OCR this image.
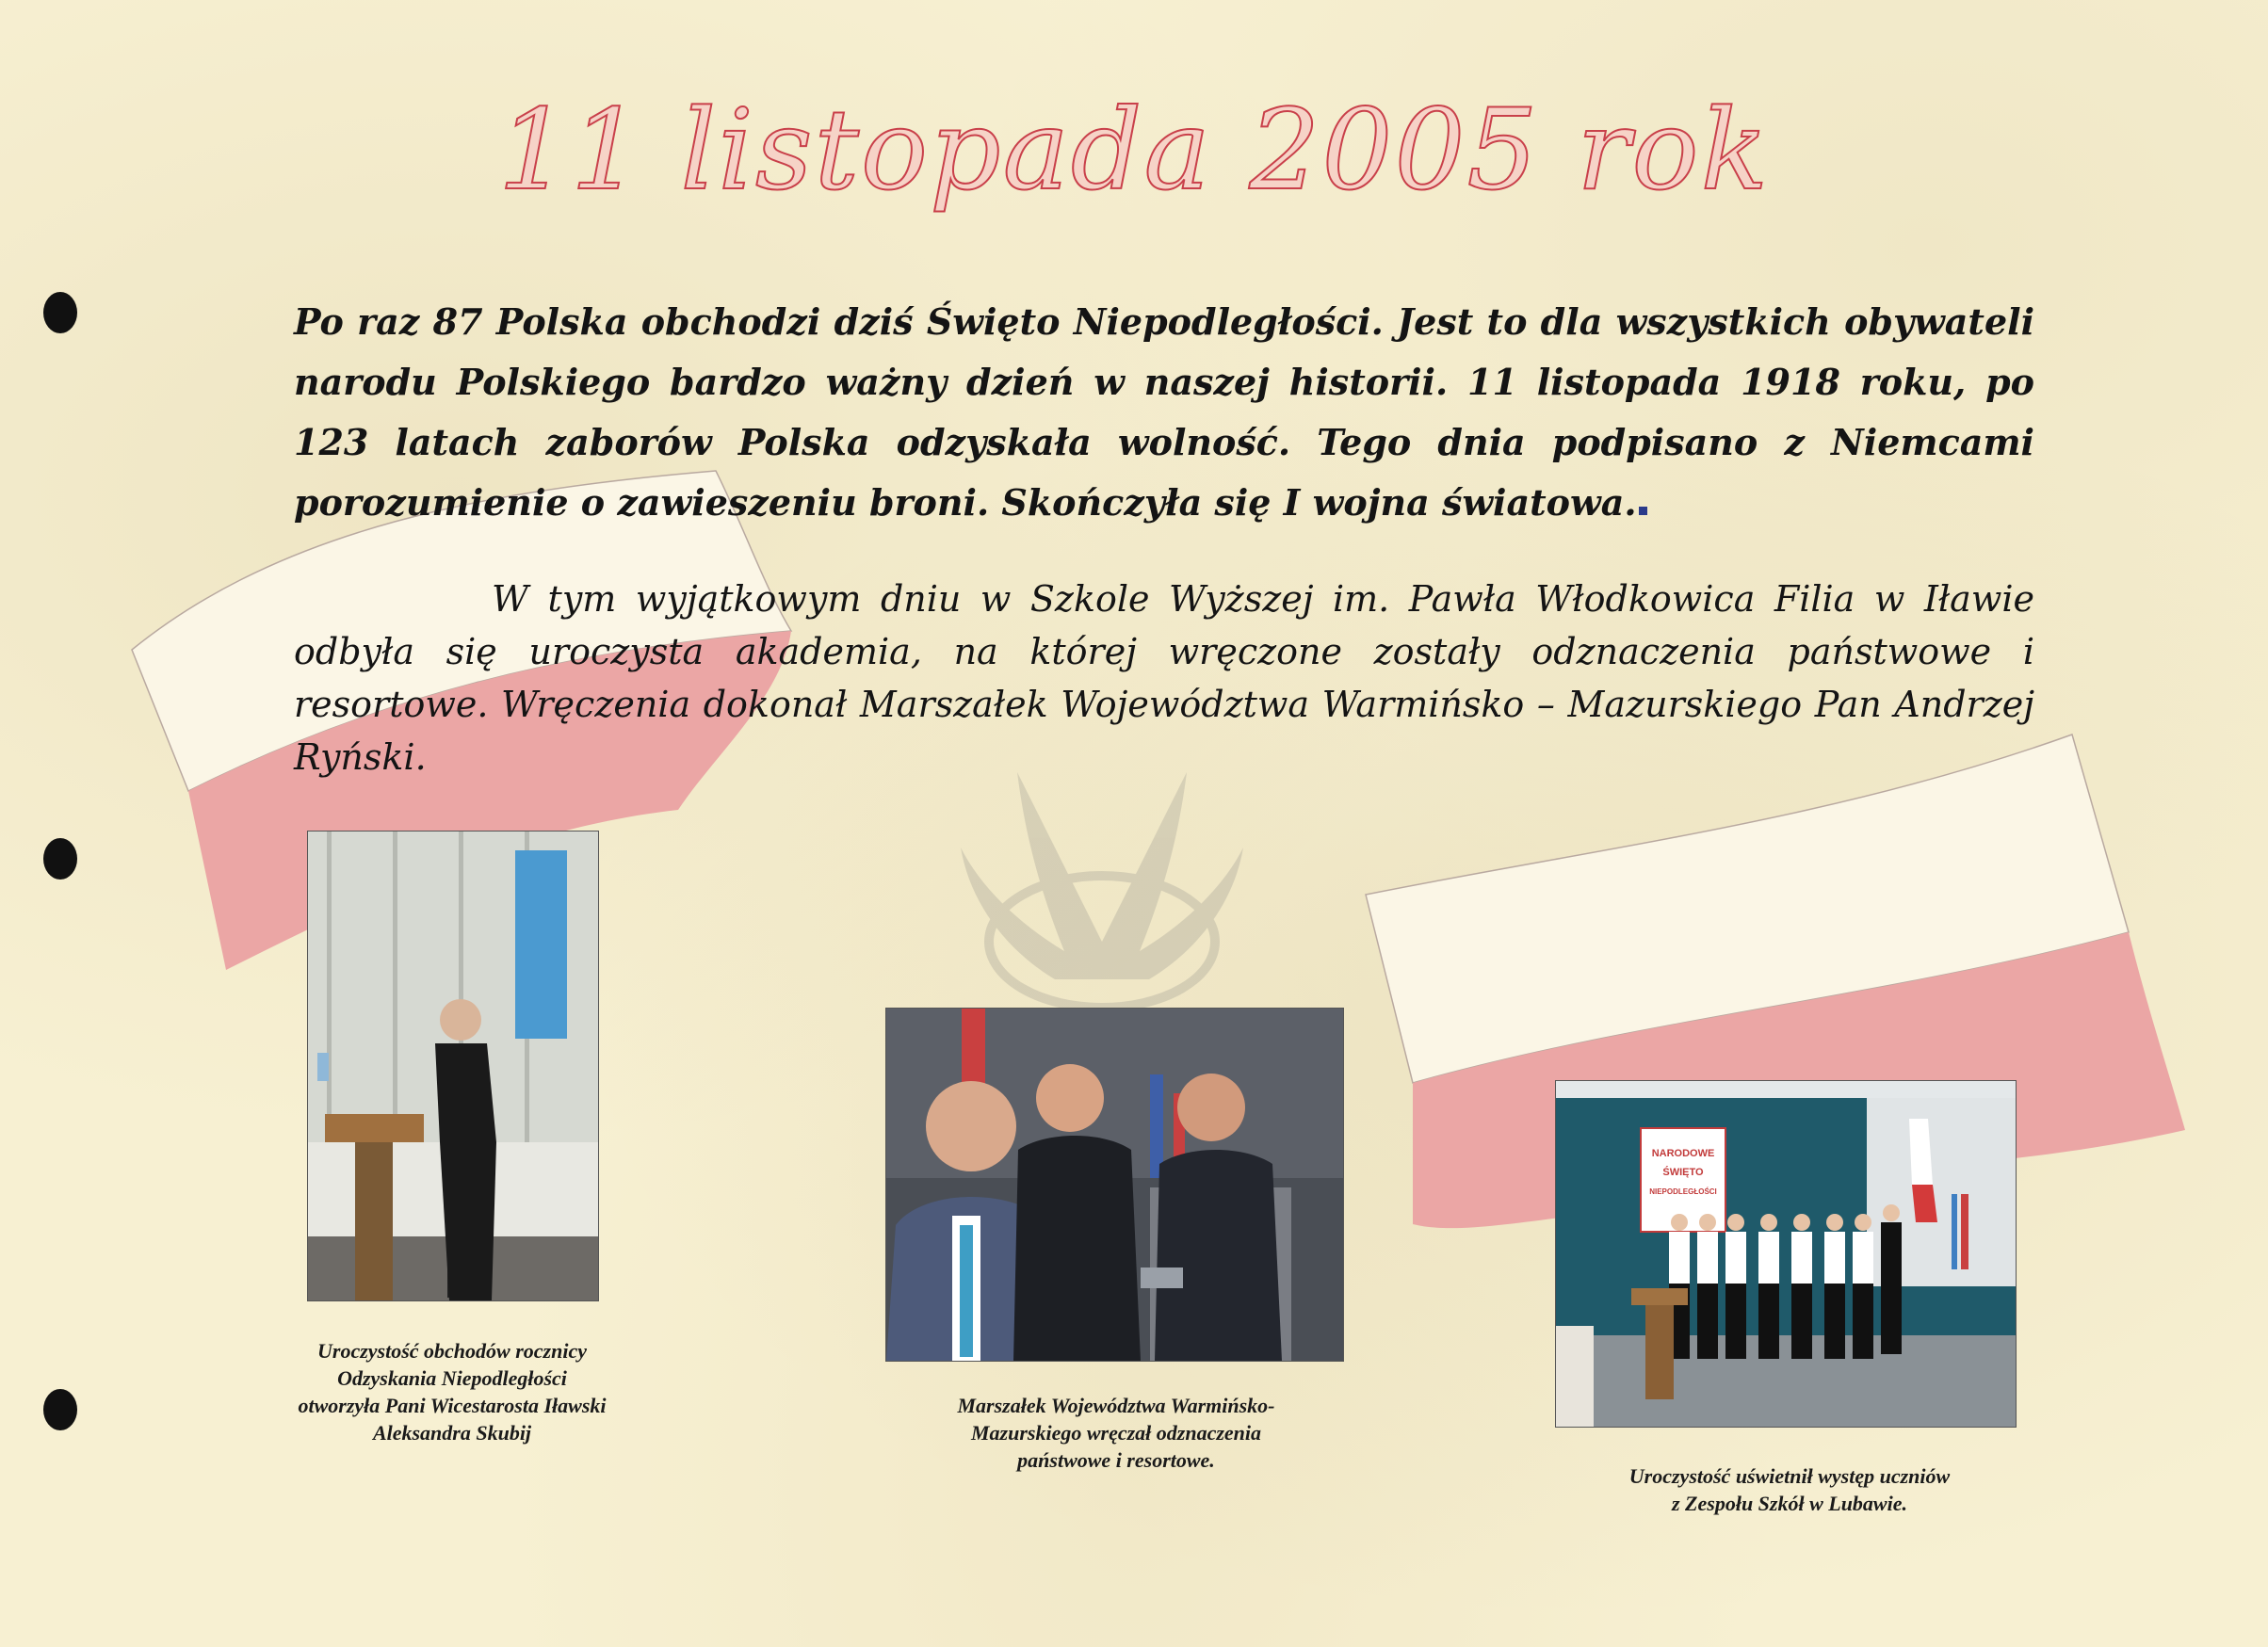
11 listopada 2005 rok

Po raz 87 Polska obchodzi dziś Święto Niepodległości. Jest to dla wszystkich obywateli narodu Polskiego bardzo ważny dzień w naszej historii. 11 listopada 1918 roku, po 123 latach zaborów Polska odzyskała wolność. Tego dnia podpisano z Niemcami porozumienie o zawieszeniu broni. Skończyła się I wojna światowa.

W tym wyjątkowym dniu w Szkole Wyższej im. Pawła Włodkowica Filia w Iławie odbyła się uroczysta akademia, na której wręczone zostały odznaczenia państwowe i resortowe. Wręczenia dokonał Marszałek Województwa Warmińsko – Mazurskiego Pan Andrzej Ryński.

Uroczystość obchodów rocznicy
Odzyskania Niepodległości
otworzyła Pani Wicestarosta Iławski
Aleksandra Skubij

Marszałek Województwa Warmińsko-
Mazurskiego wręczał odznaczenia
państwowe i resortowe.

NARODOWE
ŚWIĘTO
NIEPODLEGŁOŚCI

Uroczystość uświetnił występ uczniów
z Zespołu Szkół w Lubawie.
